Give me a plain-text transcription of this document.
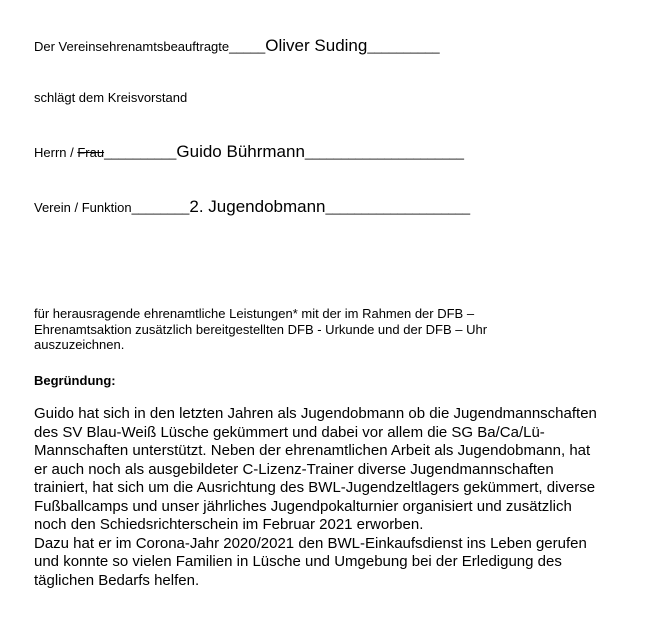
Der Vereinsehrenamtsbeauftragte_____Oliver Suding__________
schlägt dem Kreisvorstand
Herrn / Frau__________Guido Bührmann______________________
Verein / Funktion________2. Jugendobmann____________________
für herausragende ehrenamtliche Leistungen* mit der im Rahmen der DFB –
Ehrenamtsaktion zusätzlich bereitgestellten DFB - Urkunde und der DFB – Uhr
auszuzeichnen.
Begründung:
Guido hat sich in den letzten Jahren als Jugendobmann ob die Jugendmannschaften
des SV Blau-Weiß Lüsche gekümmert und dabei vor allem die SG Ba/Ca/Lü-
Mannschaften unterstützt. Neben der ehrenamtlichen Arbeit als Jugendobmann, hat
er auch noch als ausgebildeter C-Lizenz-Trainer diverse Jugendmannschaften
trainiert, hat sich um die Ausrichtung des BWL-Jugendzeltlagers gekümmert, diverse
Fußballcamps und unser jährliches Jugendpokalturnier organisiert und zusätzlich
noch den Schiedsrichterschein im Februar 2021 erworben.
Dazu hat er im Corona-Jahr 2020/2021 den BWL-Einkaufsdienst ins Leben gerufen
und konnte so vielen Familien in Lüsche und Umgebung bei der Erledigung des
täglichen Bedarfs helfen.
